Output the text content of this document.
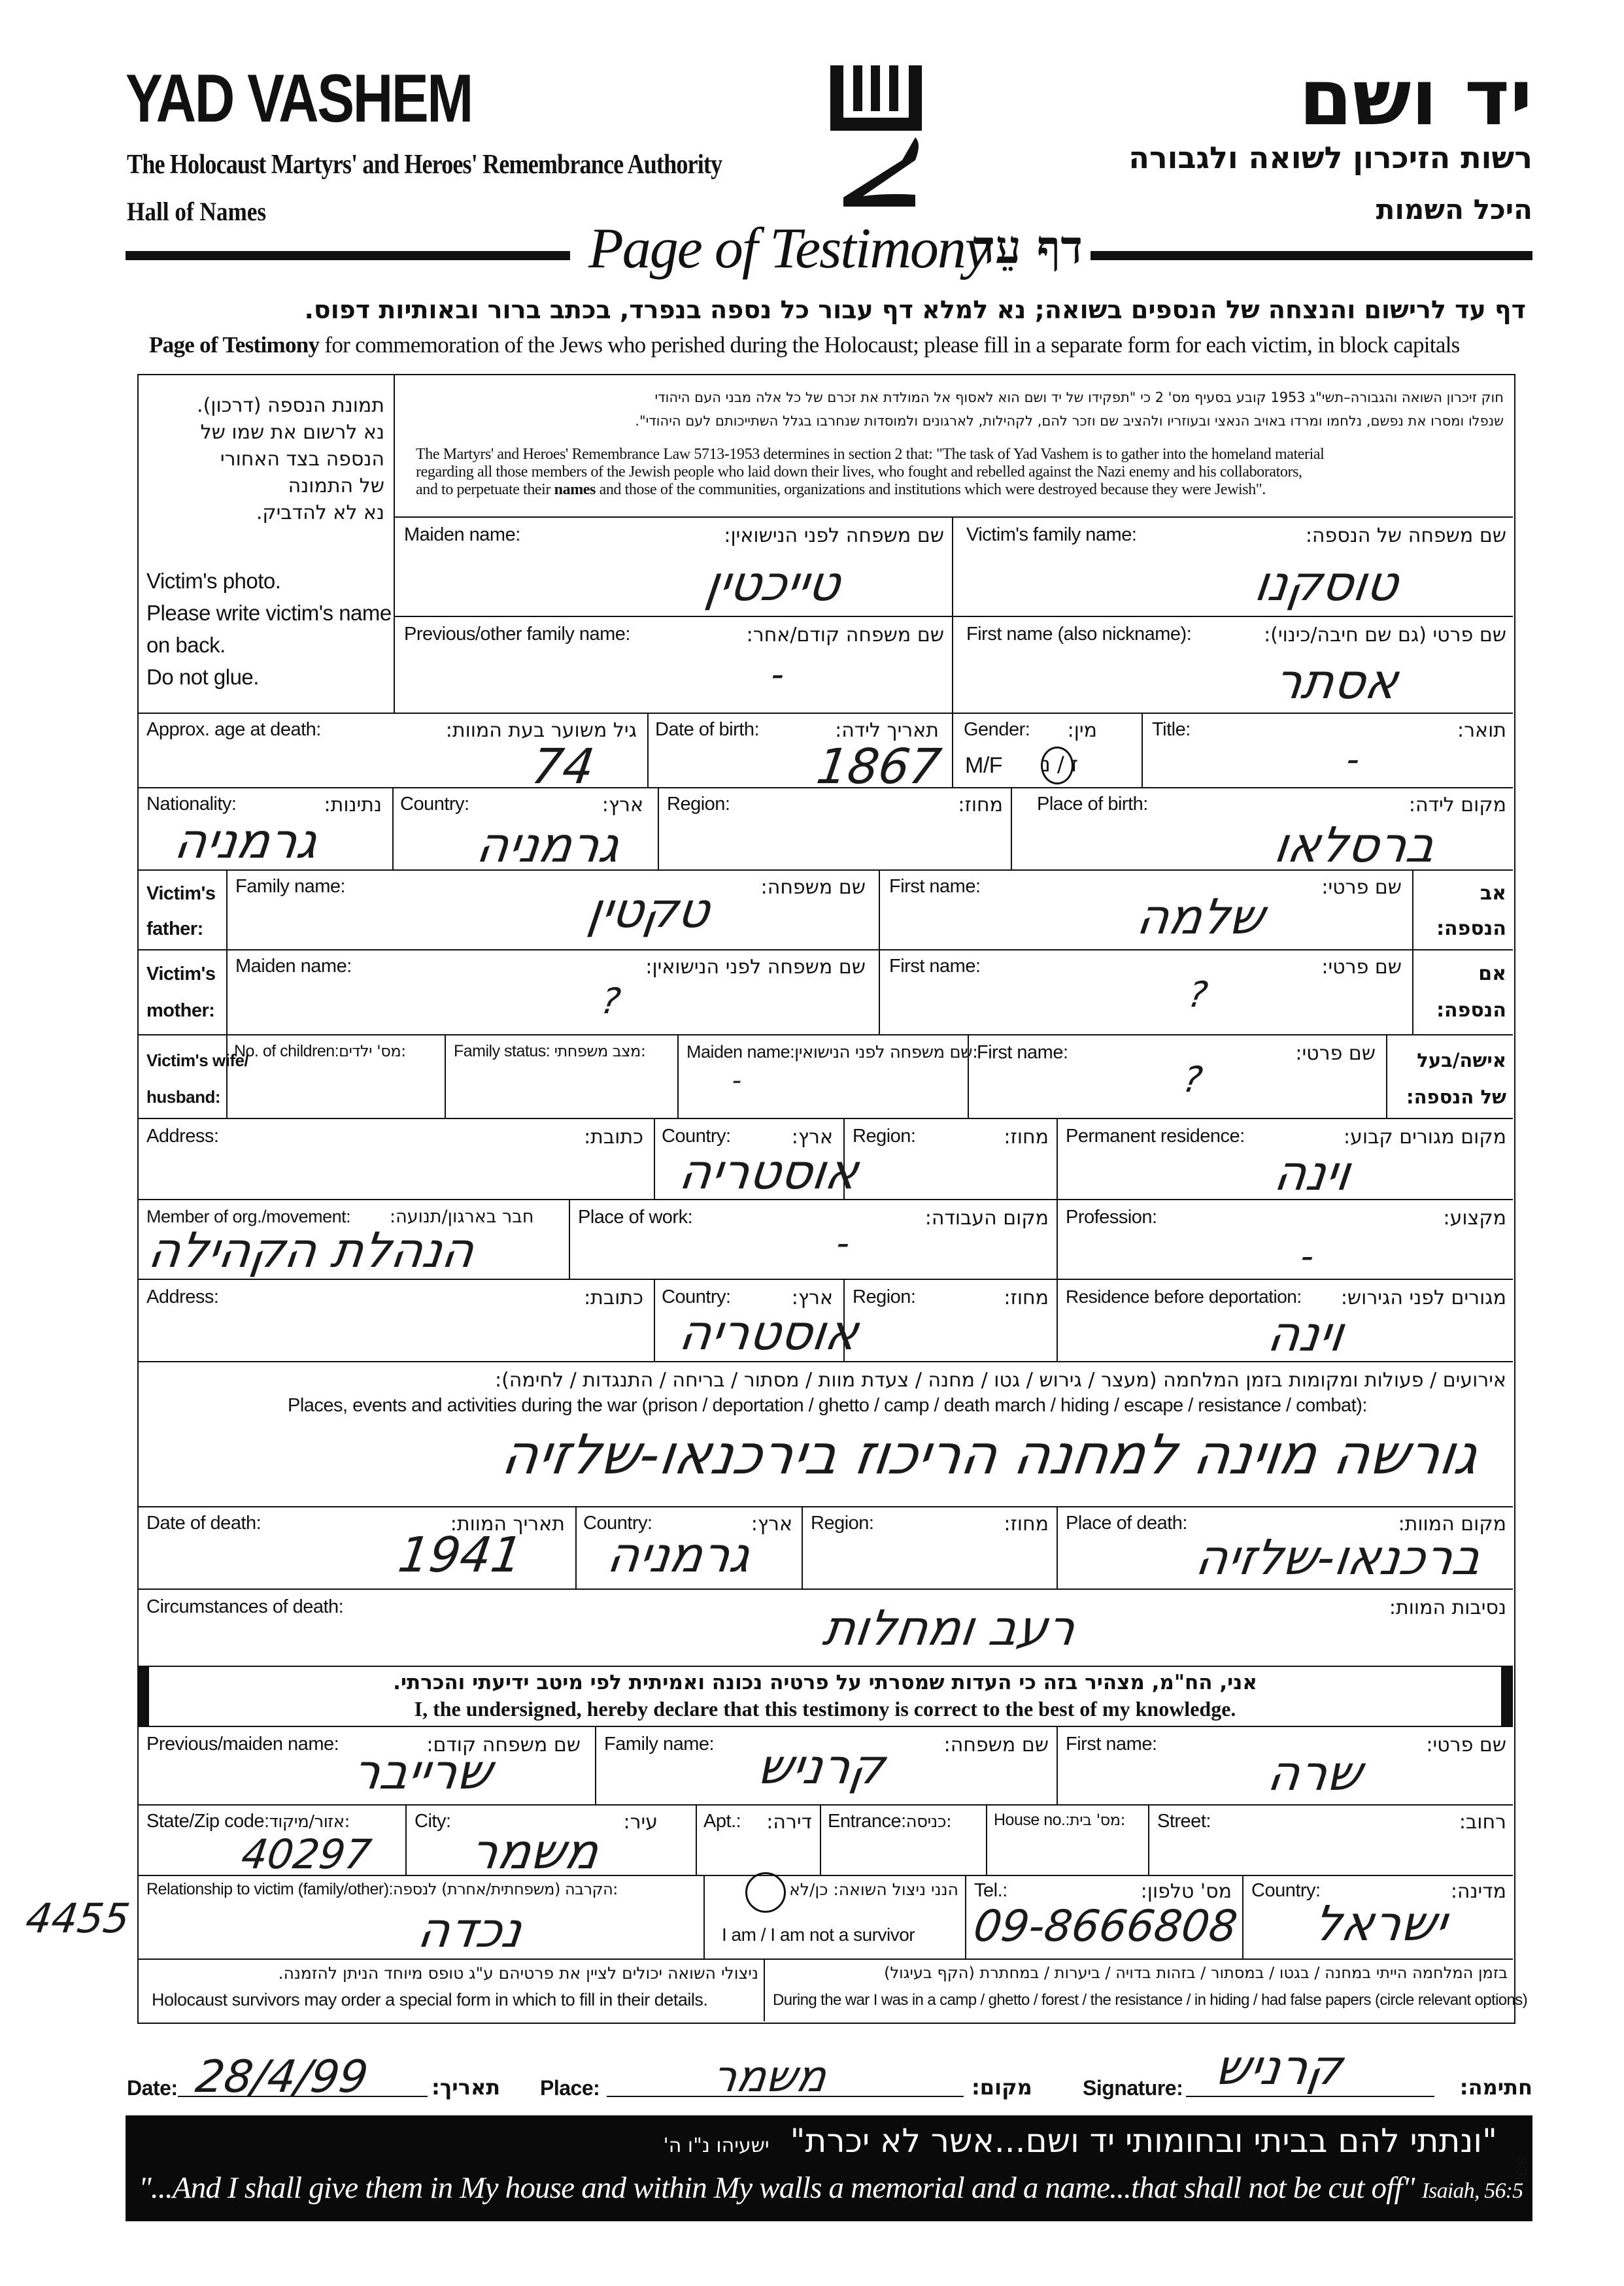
YAD VASHEM	יד ושם
The Holocaust Martyrs' and Heroes' Remembrance Authority	רשות הזיכרון לשואה ולגבורה
Hall of Names	היכל השמות
Page of Testimony
דף עֵד
דף עד לרישום והנצחה של הנספים בשואה; נא למלא דף עבור כל נספה בנפרד, בכתב ברור ובאותיות דפוס.
Page of Testimony for commemoration of the Jews who perished during the Holocaust; please fill in a separate form for each victim, in block capitals
תמונת הנספה (דרכון).
נא לרשום את שמו של
הנספה בצד האחורי
של התמונה
נא לא להדביק.
Victim's photo.
Please write victim's name
on back.
Do not glue.
חוק זיכרון השואה והגבורה–תשי"ג 1953 קובע בסעיף מס' 2 כי "תפקידו של יד ושם הוא לאסוף אל המולדת את זכרם של כל אלה מבני העם היהודי
שנפלו ומסרו את נפשם, נלחמו ומרדו באויב הנאצי ובעוזריו ולהציב שם וזכר להם, לקהילות, לארגונים ולמוסדות שנחרבו בגלל השתייכותם לעם היהודי".
The Martyrs' and Heroes' Remembrance Law 5713-1953 determines in section 2 that: "The task of Yad Vashem is to gather into the homeland material
regarding all those members of the Jewish people who laid down their lives, who fought and rebelled against the Nazi enemy and his collaborators,
and to perpetuate their names and those of the communities, organizations and institutions which were destroyed because they were Jewish".
Maiden name:	שם משפחה לפני הנישואין:
טייכטין
Victim's family name:	שם משפחה של הנספה:
טוסקנו
Previous/other family name:	שם משפחה קודם/אחר:
-
First name (also nickname):	שם פרטי (גם שם חיבה/כינוי):
אסתר
Approx. age at death:	גיל משוער בעת המוות:
74
Date of birth:	תאריך לידה:
1867
Gender: מין:
M/F ז / נ
Title:	תואר:
-
Nationality:	נתינות:
גרמניה
Country:	ארץ:
גרמניה
Region:	מחוז: Place of birth:	מקום לידה:
ברסלאו
Victim's
father:
Family name:	שם משפחה:
טקטין	First name:	שם פרטי:
שלמה	אב
הנספה:
Victim's
mother:
Maiden name:	שם משפחה לפני הנישואין:
?
First name:	שם פרטי:
?
אם
הנספה:
Victim's wife/
husband:
No. of children:מס' ילדים:	Family status: מצב משפחתי: Maiden name:שם משפחה לפני הנישואין:
-
First name:	שם פרטי:
?	אישה/בעל
של הנספה:
Address:	כתובת: Country:	ארץ:
אוסטריה
Region:	מחוז: Permanent residence:	מקום מגורים קבוע:
וינה
Member of org./movement: חבר בארגון/תנועה:
הנהלת הקהילה
Place of work:	מקום העבודה:
-
Profession:	מקצוע:
-
Address:	כתובת: Country:	ארץ:
אוסטריה
Region:	מחוז: Residence before deportation: מגורים לפני הגירוש:
וינה
אירועים / פעולות ומקומות בזמן המלחמה (מעצר / גירוש / גטו / מחנה / צעדת מוות / מסתור / בריחה / התנגדות / לחימה):
Places, events and activities during the war (prison / deportation / ghetto / camp / death march / hiding / escape / resistance / combat):
גורשה מוינה למחנה הריכוז בירכנאו-שלזיה
Date of death:	תאריך המוות:
1941
Country:	ארץ:
גרמניה
Region:	מחוז: Place of death:	מקום המוות:
ברכנאו-שלזיה
Circumstances of death:	נסיבות המוות:
רעב ומחלות
אני, הח"מ, מצהיר בזה כי העדות שמסרתי על פרטיה נכונה ואמיתית לפי מיטב ידיעתי והכרתי.
I, the undersigned, hereby declare that this testimony is correct to the best of my knowledge.
Previous/maiden name:	שם משפחה קודם:
שרייבר	Family name:	שם משפחה:
קרניש	First name:	שם פרטי:
שרה
State/Zip code:אזור/מיקוד:
40297
City:	עיר:
משמר
Apt.: דירה: Entrance:כניסה:	House no.:מס' בית: Street:	רחוב:
Relationship to victim (family/other):הקרבה (משפחתית/אחרת) לנספה:
נכדה
הנני ניצול השואה: כן/לא
I am / I am not a survivor
Tel.:	מס' טלפון:
09-8666808
Country:	מדינה:
ישראל
ניצולי השואה יכולים לציין את פרטיהם ע"ג טופס מיוחד הניתן להזמנה.
Holocaust survivors may order a special form in which to fill in their details.
בזמן המלחמה הייתי במחנה / בגטו / במסתור / בזהות בדויה / ביערות / במחתרת (הקף בעיגול)
During the war I was in a camp / ghetto / forest / the resistance / in hiding / had false papers (circle relevant options)
Date: 28/4/99	תאריך: Place:	משמר	מקום: Signature: קרניש	חתימה:
4455
"ונתתי להם בביתי ובחומותי יד ושם...אשר לא יכרת"  ישעיהו נ"ו ה'
"...And I shall give them in My house and within My walls a memorial and a name...that shall not be cut off" Isaiah, 56:5
8/95
